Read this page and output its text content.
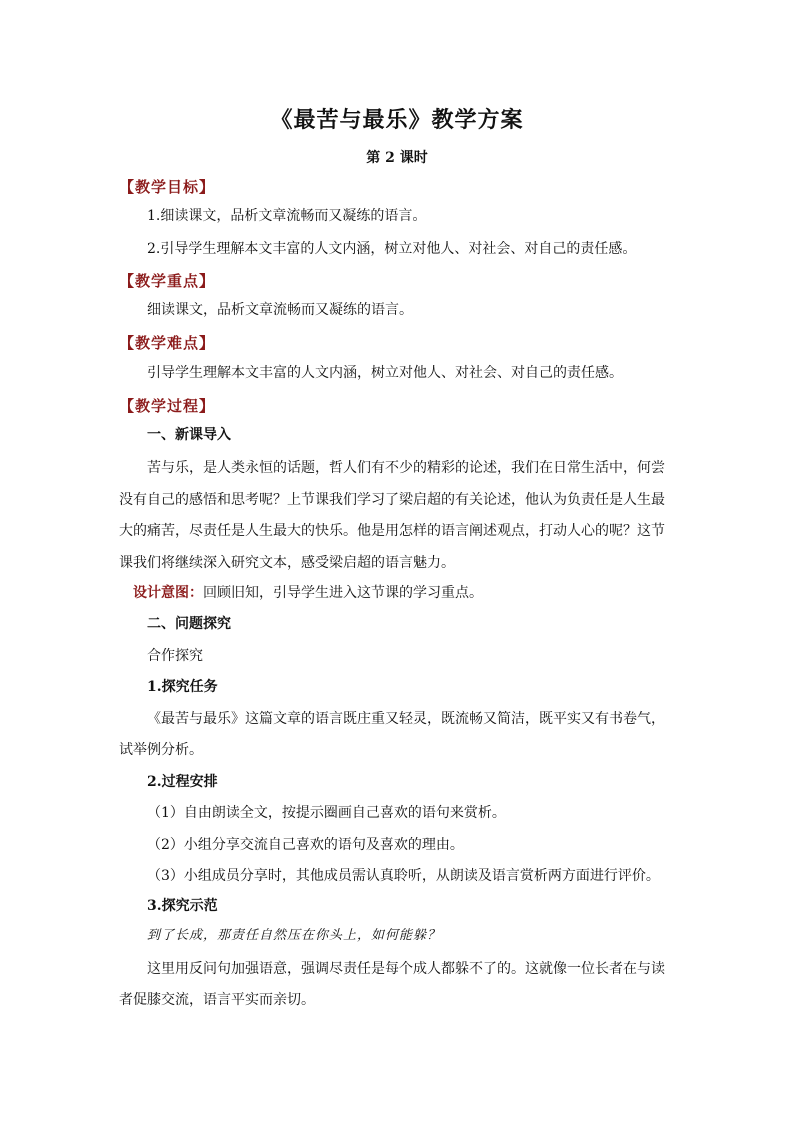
《最苦与最乐》教学方案
第 2 课时
【教学目标】
1.细读课文，品析文章流畅而又凝练的语言。
2.引导学生理解本文丰富的人文内涵，树立对他人、对社会、对自己的责任感。
【教学重点】
细读课文，品析文章流畅而又凝练的语言。
【教学难点】
引导学生理解本文丰富的人文内涵，树立对他人、对社会、对自己的责任感。
【教学过程】
一、新课导入
苦与乐，是人类永恒的话题，哲人们有不少的精彩的论述，我们在日常生活中，何尝
没有自己的感悟和思考呢？上节课我们学习了梁启超的有关论述，他认为负责任是人生最
大的痛苦，尽责任是人生最大的快乐。他是用怎样的语言阐述观点，打动人心的呢？这节
课我们将继续深入研究文本，感受梁启超的语言魅力。
设计意图：回顾旧知，引导学生进入这节课的学习重点。
二、问题探究
合作探究
1.探究任务
《最苦与最乐》这篇文章的语言既庄重又轻灵，既流畅又简洁，既平实又有书卷气，
试举例分析。
2.过程安排
（1）自由朗读全文，按提示圈画自己喜欢的语句来赏析。
（2）小组分享交流自己喜欢的语句及喜欢的理由。
（3）小组成员分享时，其他成员需认真聆听，从朗读及语言赏析两方面进行评价。
3.探究示范
到了长成，那责任自然压在你头上，如何能躲？
这里用反问句加强语意，强调尽责任是每个成人都躲不了的。这就像一位长者在与读
者促膝交流，语言平实而亲切。
